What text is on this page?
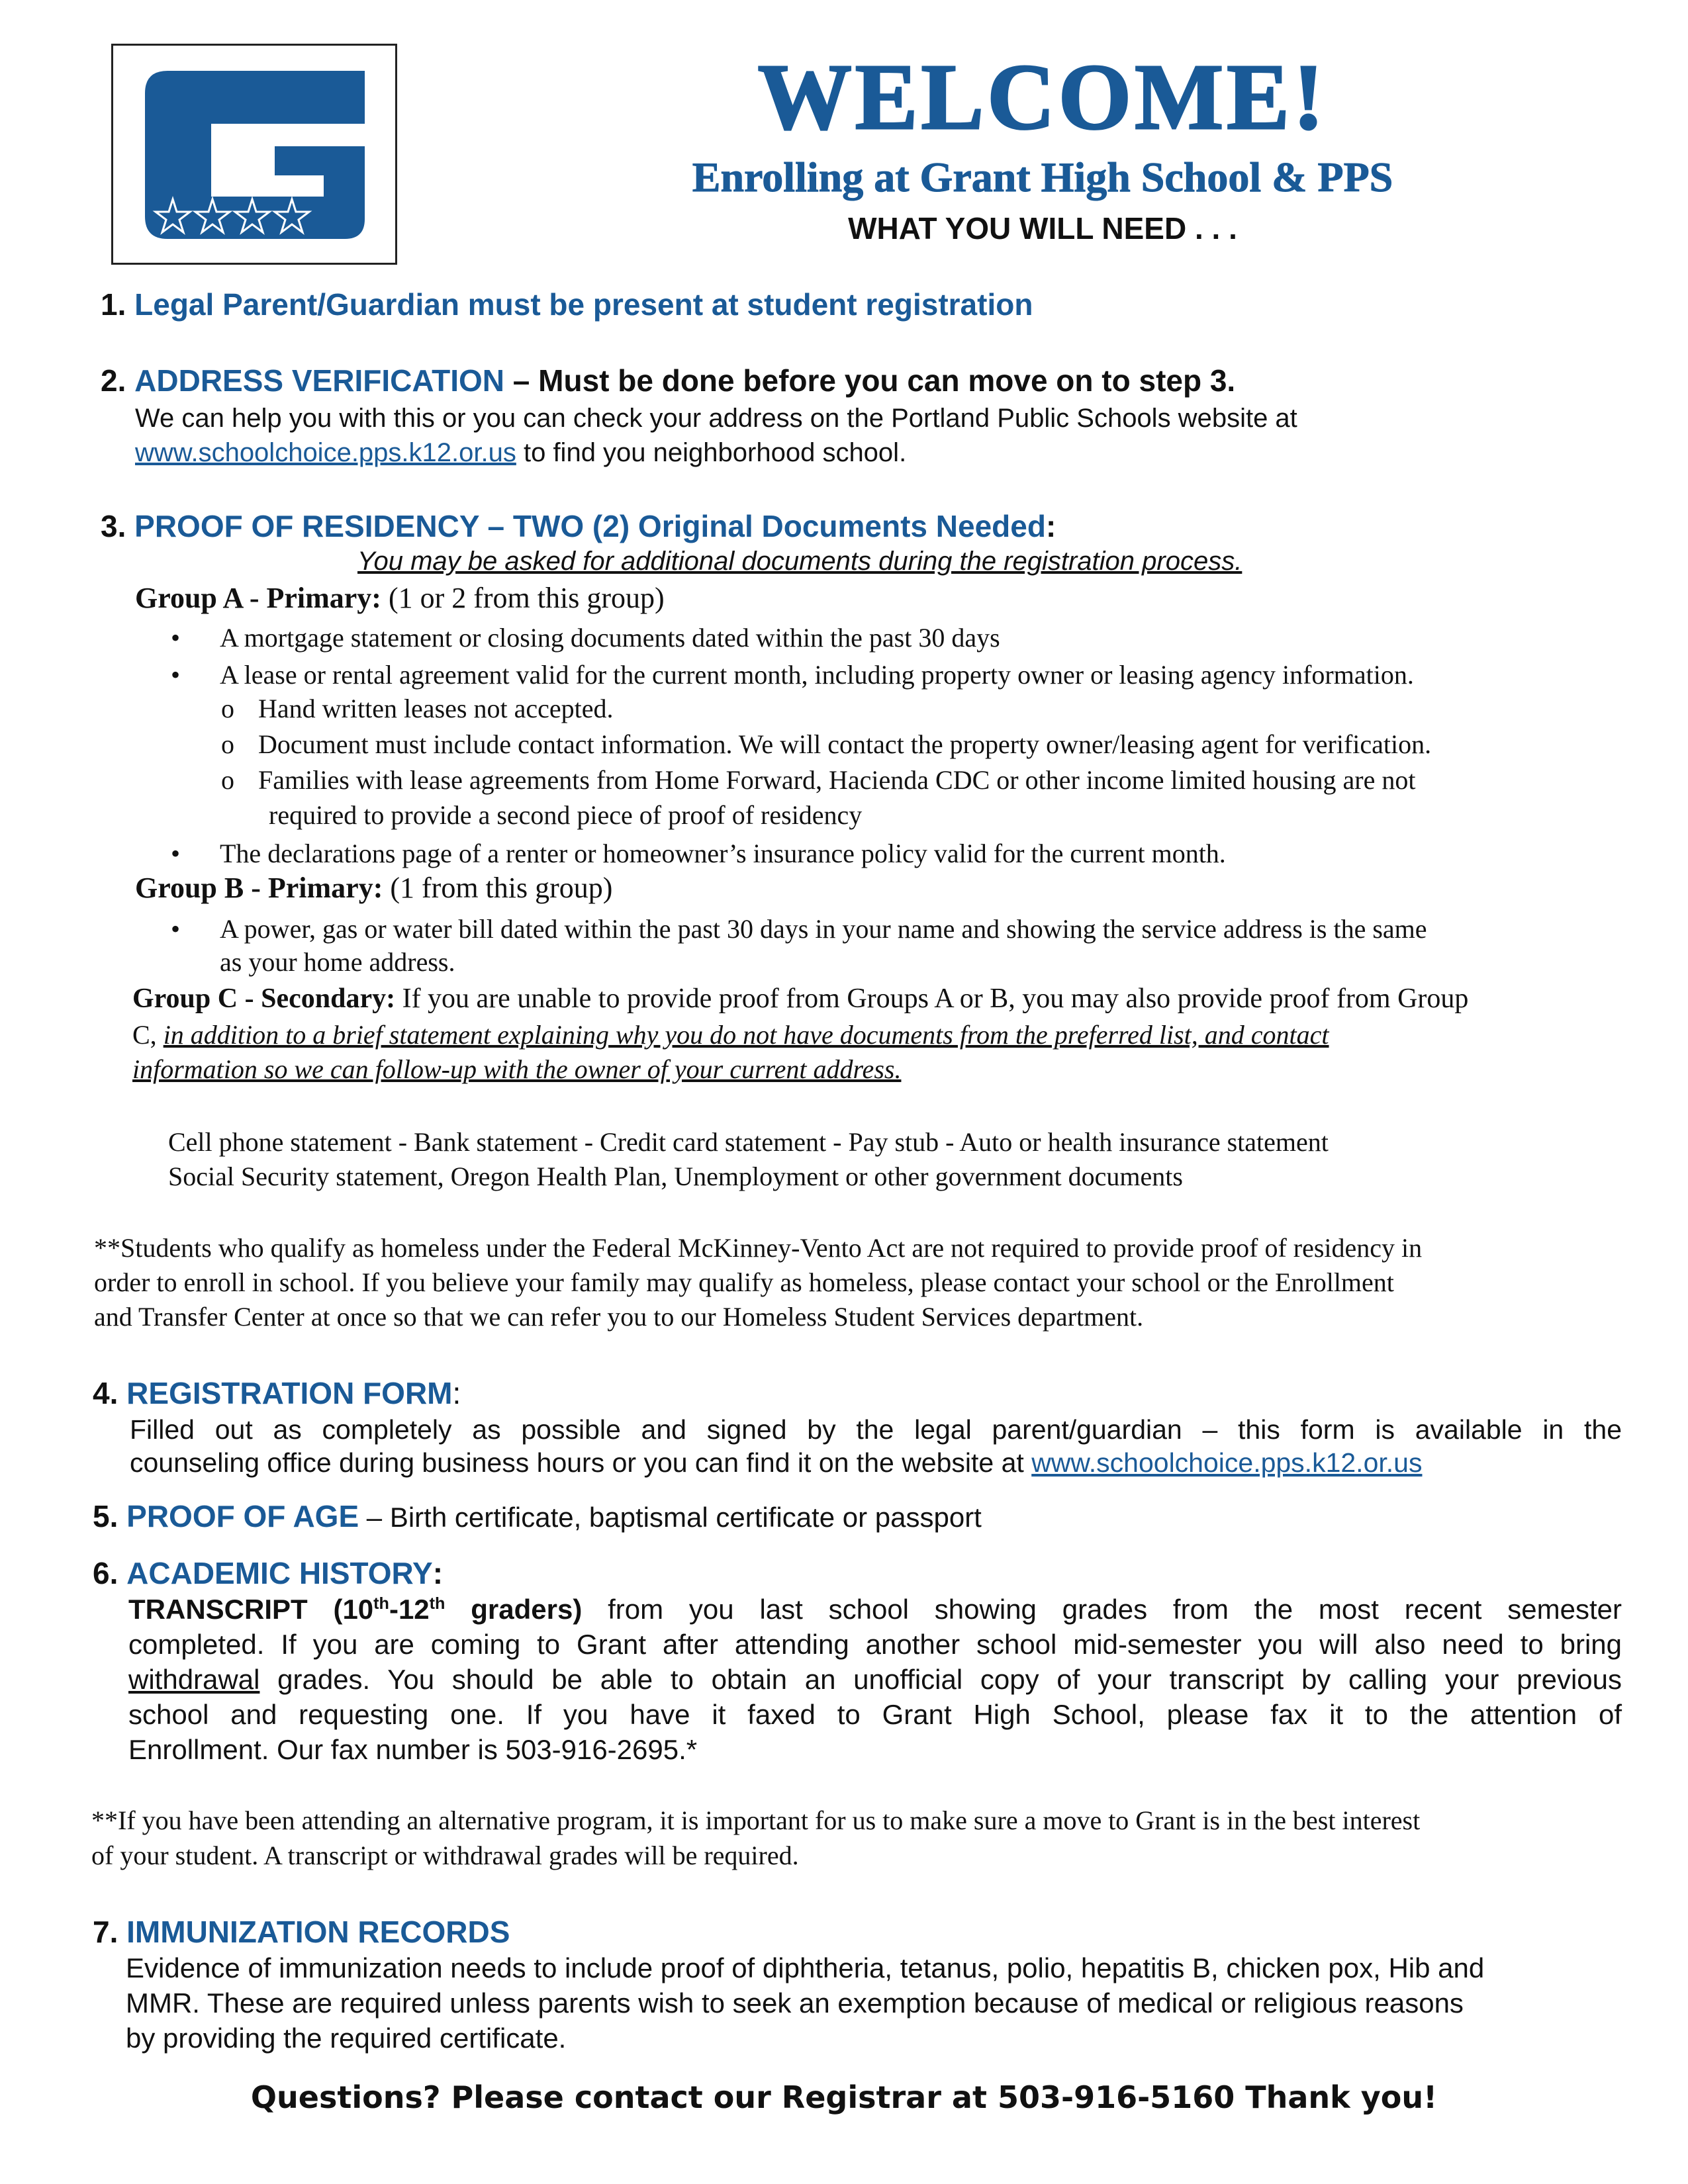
WELCOME!
Enrolling at Grant High School & PPS
WHAT YOU WILL NEED . . .
1. Legal Parent/Guardian must be present at student registration
2. ADDRESS VERIFICATION – Must be done before you can move on to step 3.
We can help you with this or you can check your address on the Portland Public Schools website at
www.schoolchoice.pps.k12.or.us to find you neighborhood school.
3. PROOF OF RESIDENCY – TWO (2) Original Documents Needed:
You may be asked for additional documents during the registration process.
Group A - Primary: (1 or 2 from this group)
• A mortgage statement or closing documents dated within the past 30 days
• A lease or rental agreement valid for the current month, including property owner or leasing agency information.
o Hand written leases not accepted.
o Document must include contact information. We will contact the property owner/leasing agent for verification.
o Families with lease agreements from Home Forward, Hacienda CDC or other income limited housing are not
required to provide a second piece of proof of residency
• The declarations page of a renter or homeowner’s insurance policy valid for the current month.
Group B - Primary: (1 from this group)
• A power, gas or water bill dated within the past 30 days in your name and showing the service address is the same
as your home address.
Group C - Secondary: If you are unable to provide proof from Groups A or B, you may also provide proof from Group
C, in addition to a brief statement explaining why you do not have documents from the preferred list, and contact
information so we can follow-up with the owner of your current address.
Cell phone statement - Bank statement - Credit card statement - Pay stub - Auto or health insurance statement
Social Security statement, Oregon Health Plan, Unemployment or other government documents
**Students who qualify as homeless under the Federal McKinney-Vento Act are not required to provide proof of residency in
order to enroll in school. If you believe your family may qualify as homeless, please contact your school or the Enrollment
and Transfer Center at once so that we can refer you to our Homeless Student Services department.
4. REGISTRATION FORM:
Filled out as completely as possible and signed by the legal parent/guardian – this form is available in the
counseling office during business hours or you can find it on the website at www.schoolchoice.pps.k12.or.us
5. PROOF OF AGE – Birth certificate, baptismal certificate or passport
6. ACADEMIC HISTORY:
TRANSCRIPT (10th-12th graders) from you last school showing grades from the most recent semester
completed. If you are coming to Grant after attending another school mid-semester you will also need to bring
withdrawal grades. You should be able to obtain an unofficial copy of your transcript by calling your previous
school and requesting one. If you have it faxed to Grant High School, please fax it to the attention of
Enrollment. Our fax number is 503-916-2695.*
**If you have been attending an alternative program, it is important for us to make sure a move to Grant is in the best interest
of your student. A transcript or withdrawal grades will be required.
7. IMMUNIZATION RECORDS
Evidence of immunization needs to include proof of diphtheria, tetanus, polio, hepatitis B, chicken pox, Hib and
MMR. These are required unless parents wish to seek an exemption because of medical or religious reasons
by providing the required certificate.
Questions? Please contact our Registrar at 503-916-5160 Thank you!
